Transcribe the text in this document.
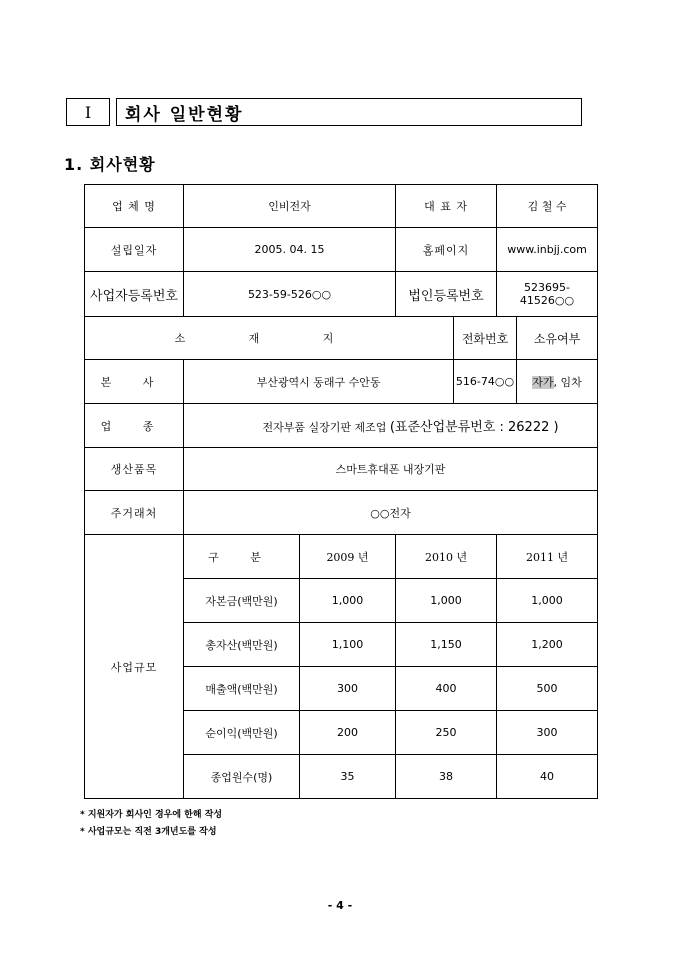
I	회사 일반현황
1. 회사현황
업 체 명	인비전자		대 표 자		김 철 수	
설립일자	2005. 04. 15		홈페이지		www.inbjj.com	
사업자등록번호	523-59-526○○		법인등록번호		523695-41526○○	
소 재 지				전화번호		소유여부
본 사	부산광역시 동래구 수안동			516-74○○		자가, 임차
업 종	전자부품 실장기판 제조업 (표준산업분류번호 : 26222 )					
생산품목	스마트휴대폰 내장기판					
주거래처	○○전자					
사업규모	구 분	2009 년	2010 년		2011 년	
	자본금(백만원)	1,000	1,000		1,000	
	총자산(백만원)	1,100	1,150		1,200	
	매출액(백만원)	300	400		500	
	순이익(백만원)	200	250		300	
	종업원수(명)	35	38		40	
* 지원자가 회사인 경우에 한해 작성
* 사업규모는 직전 3개년도를 작성
- 4 -
